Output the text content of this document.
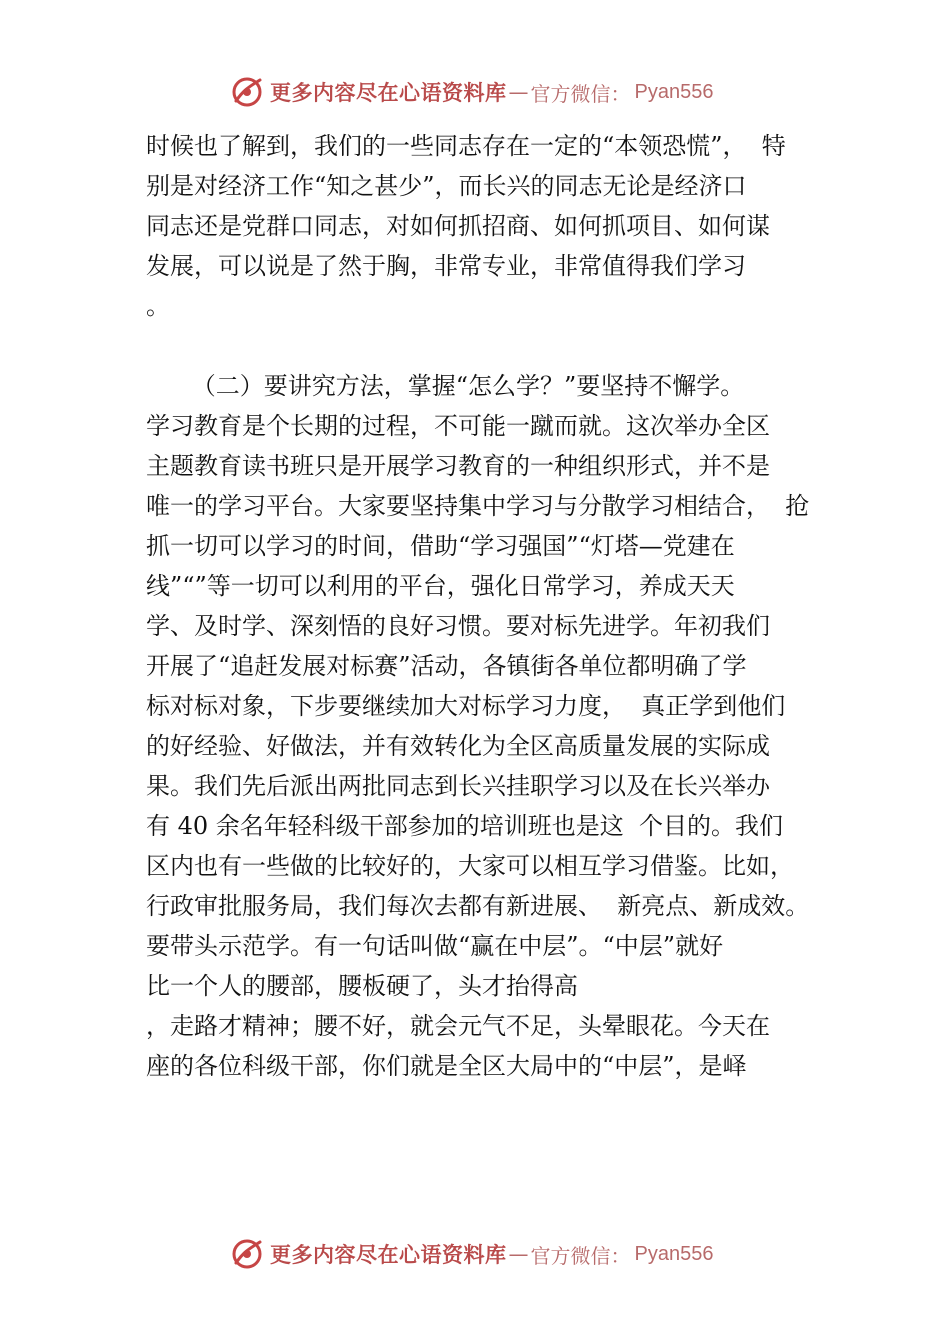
更多内容尽在心语资料库 — 官方微信： Pyan556
时候也了解到，我们的一些同志存在一定的“本领恐慌”，  特
别是对经济工作“知之甚少”，而长兴的同志无论是经济口
同志还是党群口同志，对如何抓招商、如何抓项目、如何谋
发展，可以说是了然于胸，非常专业，非常值得我们学习
。
（二）要讲究方法，掌握“怎么学？”要坚持不懈学。
学习教育是个长期的过程，不可能一蹴而就。这次举办全区
主题教育读书班只是开展学习教育的一种组织形式，并不是
唯一的学习平台。大家要坚持集中学习与分散学习相结合，  抢
抓一切可以学习的时间，借助“学习强国”“灯塔—党建在
线”“”等一切可以利用的平台，强化日常学习，养成天天
学、及时学、深刻悟的良好习惯。要对标先进学。年初我们
开展了“追赶发展对标赛”活动，各镇街各单位都明确了学
标对标对象，下步要继续加大对标学习力度，  真正学到他们
的好经验、好做法，并有效转化为全区高质量发展的实际成
果。我们先后派出两批同志到长兴挂职学习以及在长兴举办
有 40 余名年轻科级干部参加的培训班也是这  个目的。我们
区内也有一些做的比较好的，大家可以相互学习借鉴。比如，
行政审批服务局，我们每次去都有新进展、  新亮点、新成效。
要带头示范学。有一句话叫做“赢在中层”。“中层”就好
比一个人的腰部，腰板硬了，头才抬得高
，走路才精神；腰不好，就会元气不足，头晕眼花。今天在
座的各位科级干部，你们就是全区大局中的“中层”，是峄
更多内容尽在心语资料库 — 官方微信： Pyan556
